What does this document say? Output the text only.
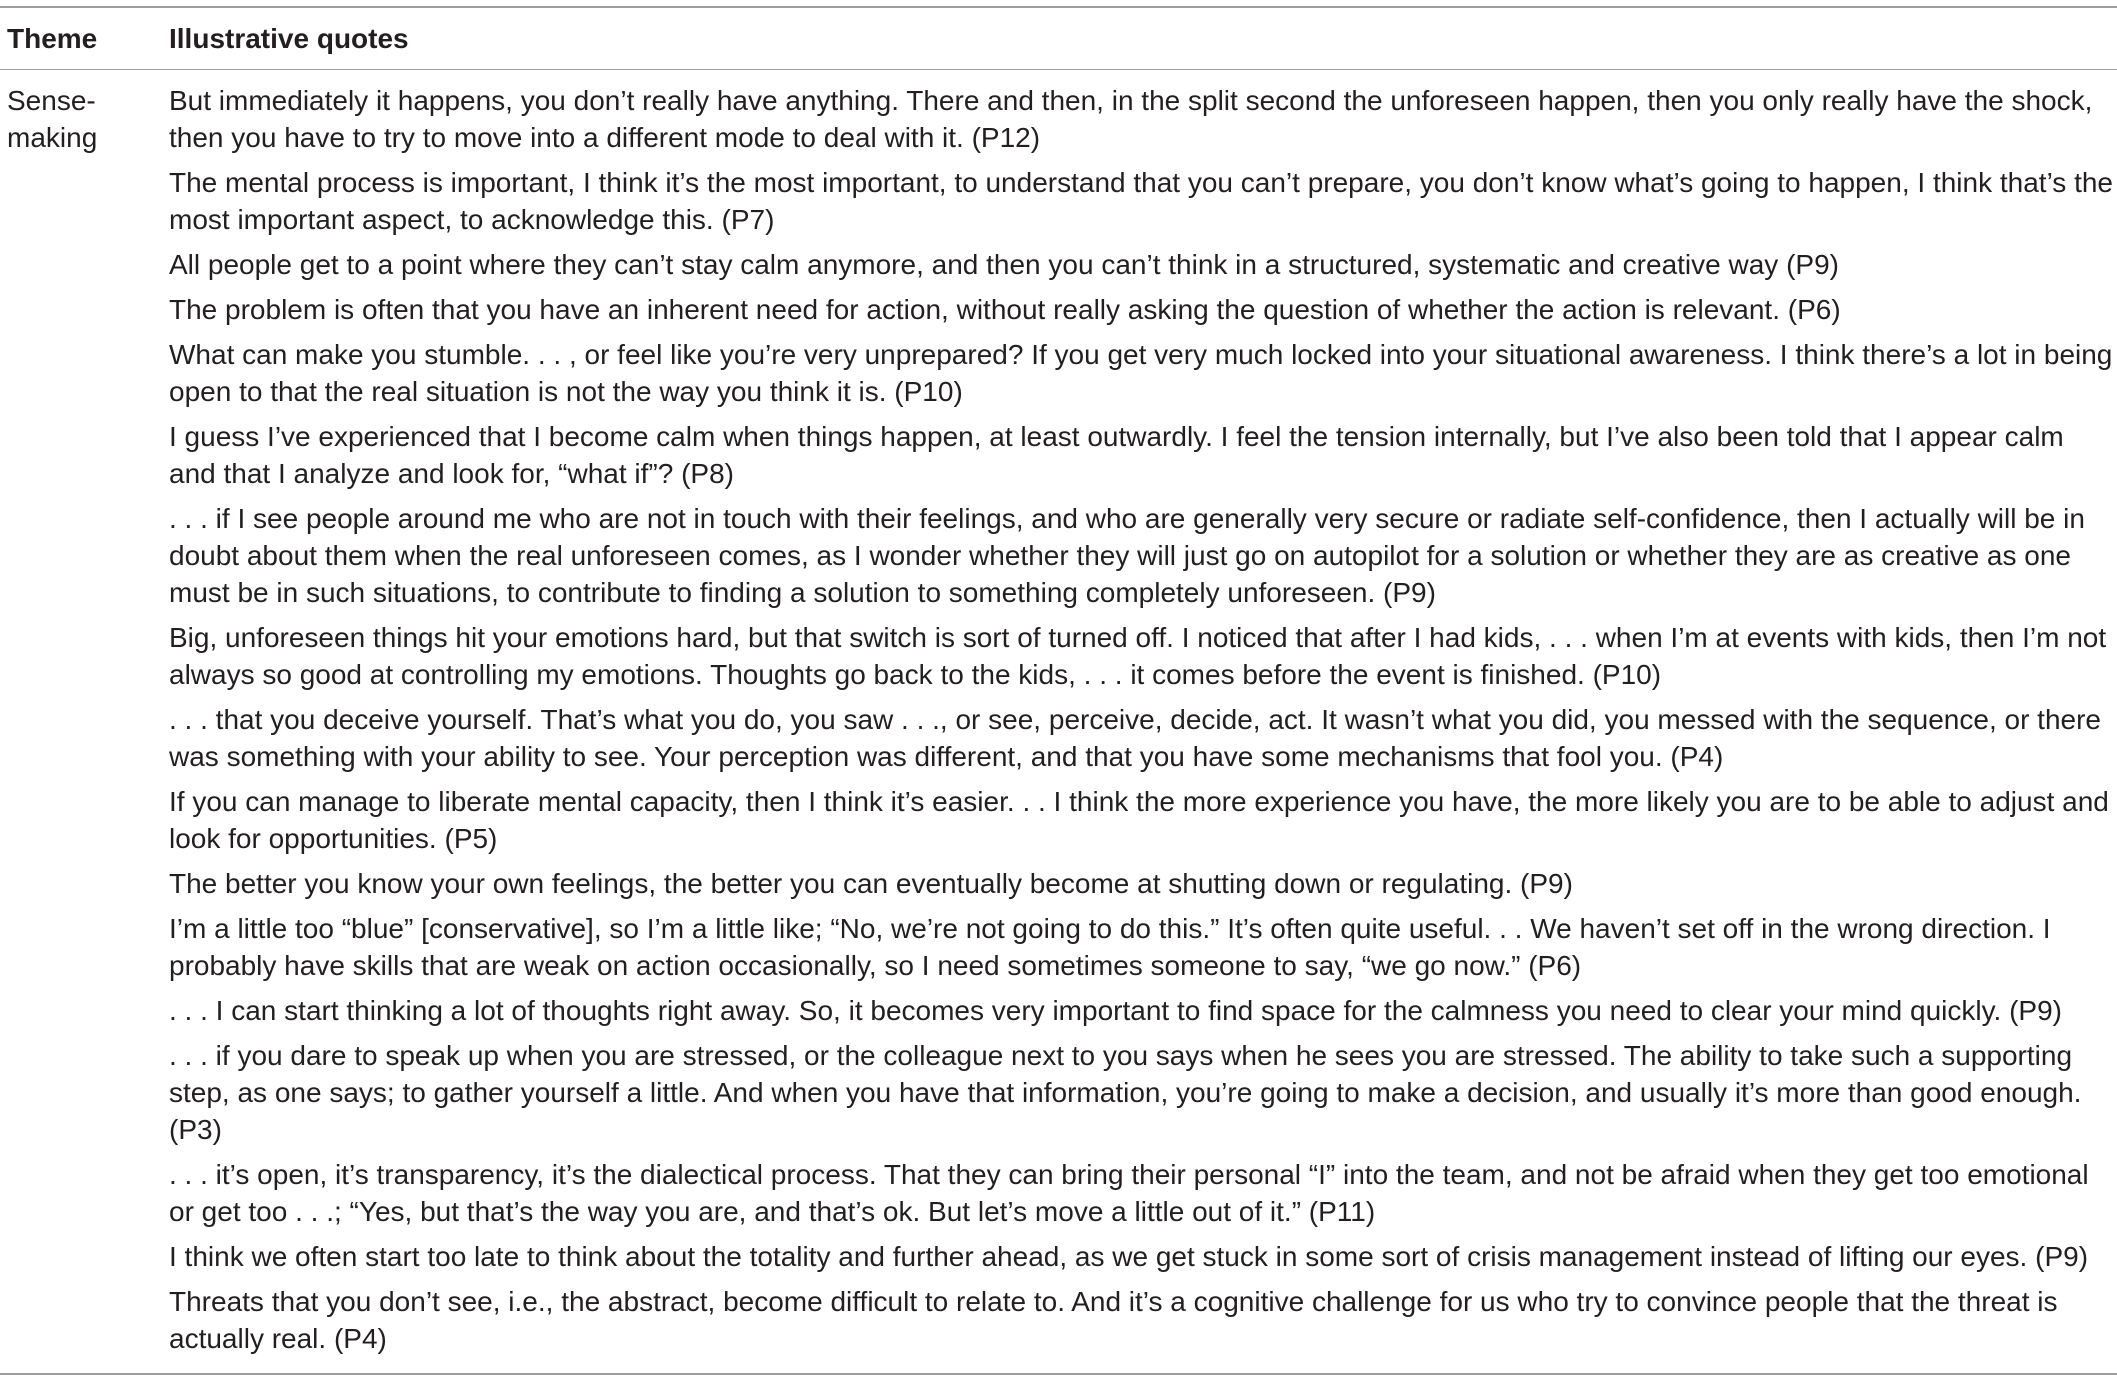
Theme	Illustrative quotes
Sense-
making

But immediately it happens, you don’t really have anything. There and then, in the split second the unforeseen happen, then you only really have the shock, then you have to try to move into a different mode to deal with it. (P12)

The mental process is important, I think it’s the most important, to understand that you can’t prepare, you don’t know what’s going to happen, I think that’s the most important aspect, to acknowledge this. (P7)

All people get to a point where they can’t stay calm anymore, and then you can’t think in a structured, systematic and creative way (P9)

The problem is often that you have an inherent need for action, without really asking the question of whether the action is relevant. (P6)

What can make you stumble. . . , or feel like you’re very unprepared? If you get very much locked into your situational awareness. I think there’s a lot in being open to that the real situation is not the way you think it is. (P10)

I guess I’ve experienced that I become calm when things happen, at least outwardly. I feel the tension internally, but I’ve also been told that I appear calm and that I analyze and look for, “what if”? (P8)

. . . if I see people around me who are not in touch with their feelings, and who are generally very secure or radiate self-confidence, then I actually will be in doubt about them when the real unforeseen comes, as I wonder whether they will just go on autopilot for a solution or whether they are as creative as one must be in such situations, to contribute to finding a solution to something completely unforeseen. (P9)

Big, unforeseen things hit your emotions hard, but that switch is sort of turned off. I noticed that after I had kids, . . . when I’m at events with kids, then I’m not always so good at controlling my emotions. Thoughts go back to the kids, . . . it comes before the event is finished. (P10)

. . . that you deceive yourself. That’s what you do, you saw . . ., or see, perceive, decide, act. It wasn’t what you did, you messed with the sequence, or there was something with your ability to see. Your perception was different, and that you have some mechanisms that fool you. (P4)

If you can manage to liberate mental capacity, then I think it’s easier. . . I think the more experience you have, the more likely you are to be able to adjust and look for opportunities. (P5)

The better you know your own feelings, the better you can eventually become at shutting down or regulating. (P9)

I’m a little too “blue” [conservative], so I’m a little like; “No, we’re not going to do this.” It’s often quite useful. . . We haven’t set off in the wrong direction. I probably have skills that are weak on action occasionally, so I need sometimes someone to say, “we go now.” (P6)

. . . I can start thinking a lot of thoughts right away. So, it becomes very important to find space for the calmness you need to clear your mind quickly. (P9)

. . . if you dare to speak up when you are stressed, or the colleague next to you says when he sees you are stressed. The ability to take such a supporting step, as one says; to gather yourself a little. And when you have that information, you’re going to make a decision, and usually it’s more than good enough. (P3)

. . . it’s open, it’s transparency, it’s the dialectical process. That they can bring their personal “I” into the team, and not be afraid when they get too emotional or get too . . .; “Yes, but that’s the way you are, and that’s ok. But let’s move a little out of it.” (P11)

I think we often start too late to think about the totality and further ahead, as we get stuck in some sort of crisis management instead of lifting our eyes. (P9)

Threats that you don’t see, i.e., the abstract, become difficult to relate to. And it’s a cognitive challenge for us who try to convince people that the threat is actually real. (P4)
